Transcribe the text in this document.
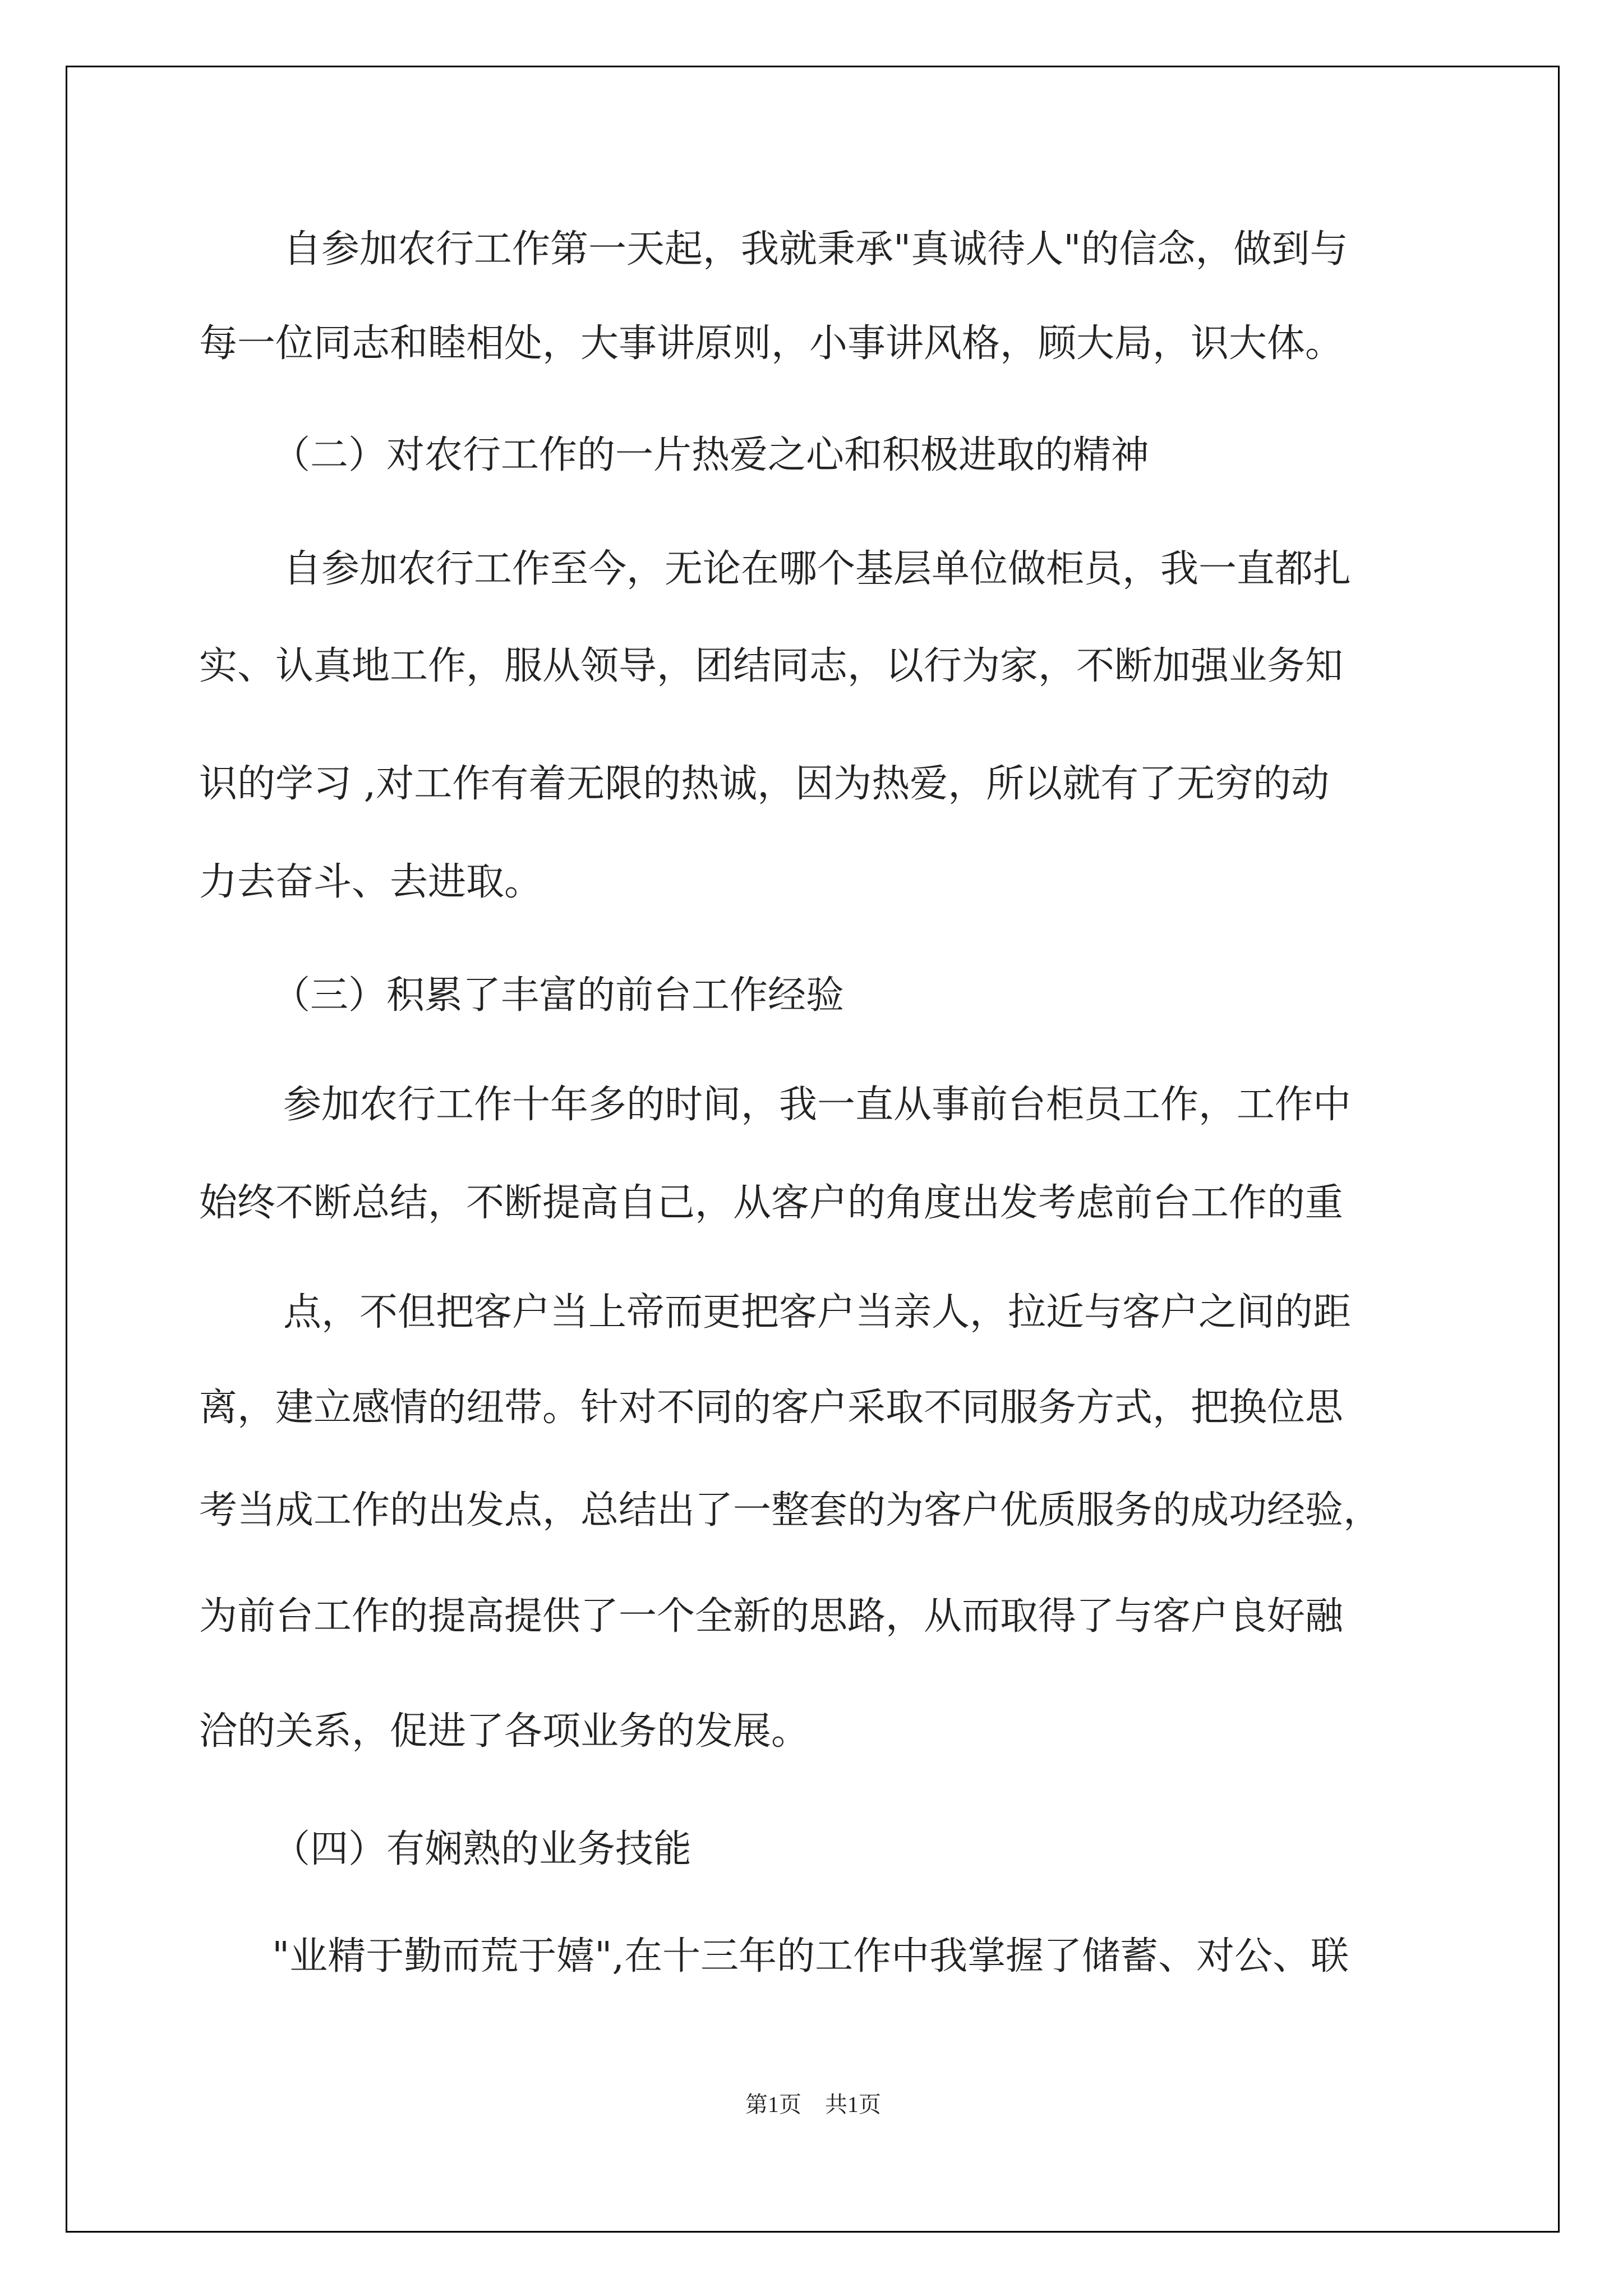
自参加农行工作第一天起，我就秉承"真诚待人"的信念，做到与

每一位同志和睦相处，大事讲原则，小事讲风格，顾大局，识大体。

（二）对农行工作的一片热爱之心和积极进取的精神

自参加农行工作至今，无论在哪个基层单位做柜员，我一直都扎

实、认真地工作，服从领导，团结同志，以行为家，不断加强业务知

识的学习 ,对工作有着无限的热诚，因为热爱，所以就有了无穷的动

力去奋斗、去进取。

（三）积累了丰富的前台工作经验

参加农行工作十年多的时间，我一直从事前台柜员工作，工作中

始终不断总结，不断提高自己，从客户的角度出发考虑前台工作的重

点，不但把客户当上帝而更把客户当亲人，拉近与客户之间的距

离，建立感情的纽带。针对不同的客户采取不同服务方式，把换位思

考当成工作的出发点，总结出了一整套的为客户优质服务的成功经验，

为前台工作的提高提供了一个全新的思路，从而取得了与客户良好融

洽的关系，促进了各项业务的发展。

（四）有娴熟的业务技能

"业精于勤而荒于嬉",在十三年的工作中我掌握了储蓄、对公、联

第1页 共1页
